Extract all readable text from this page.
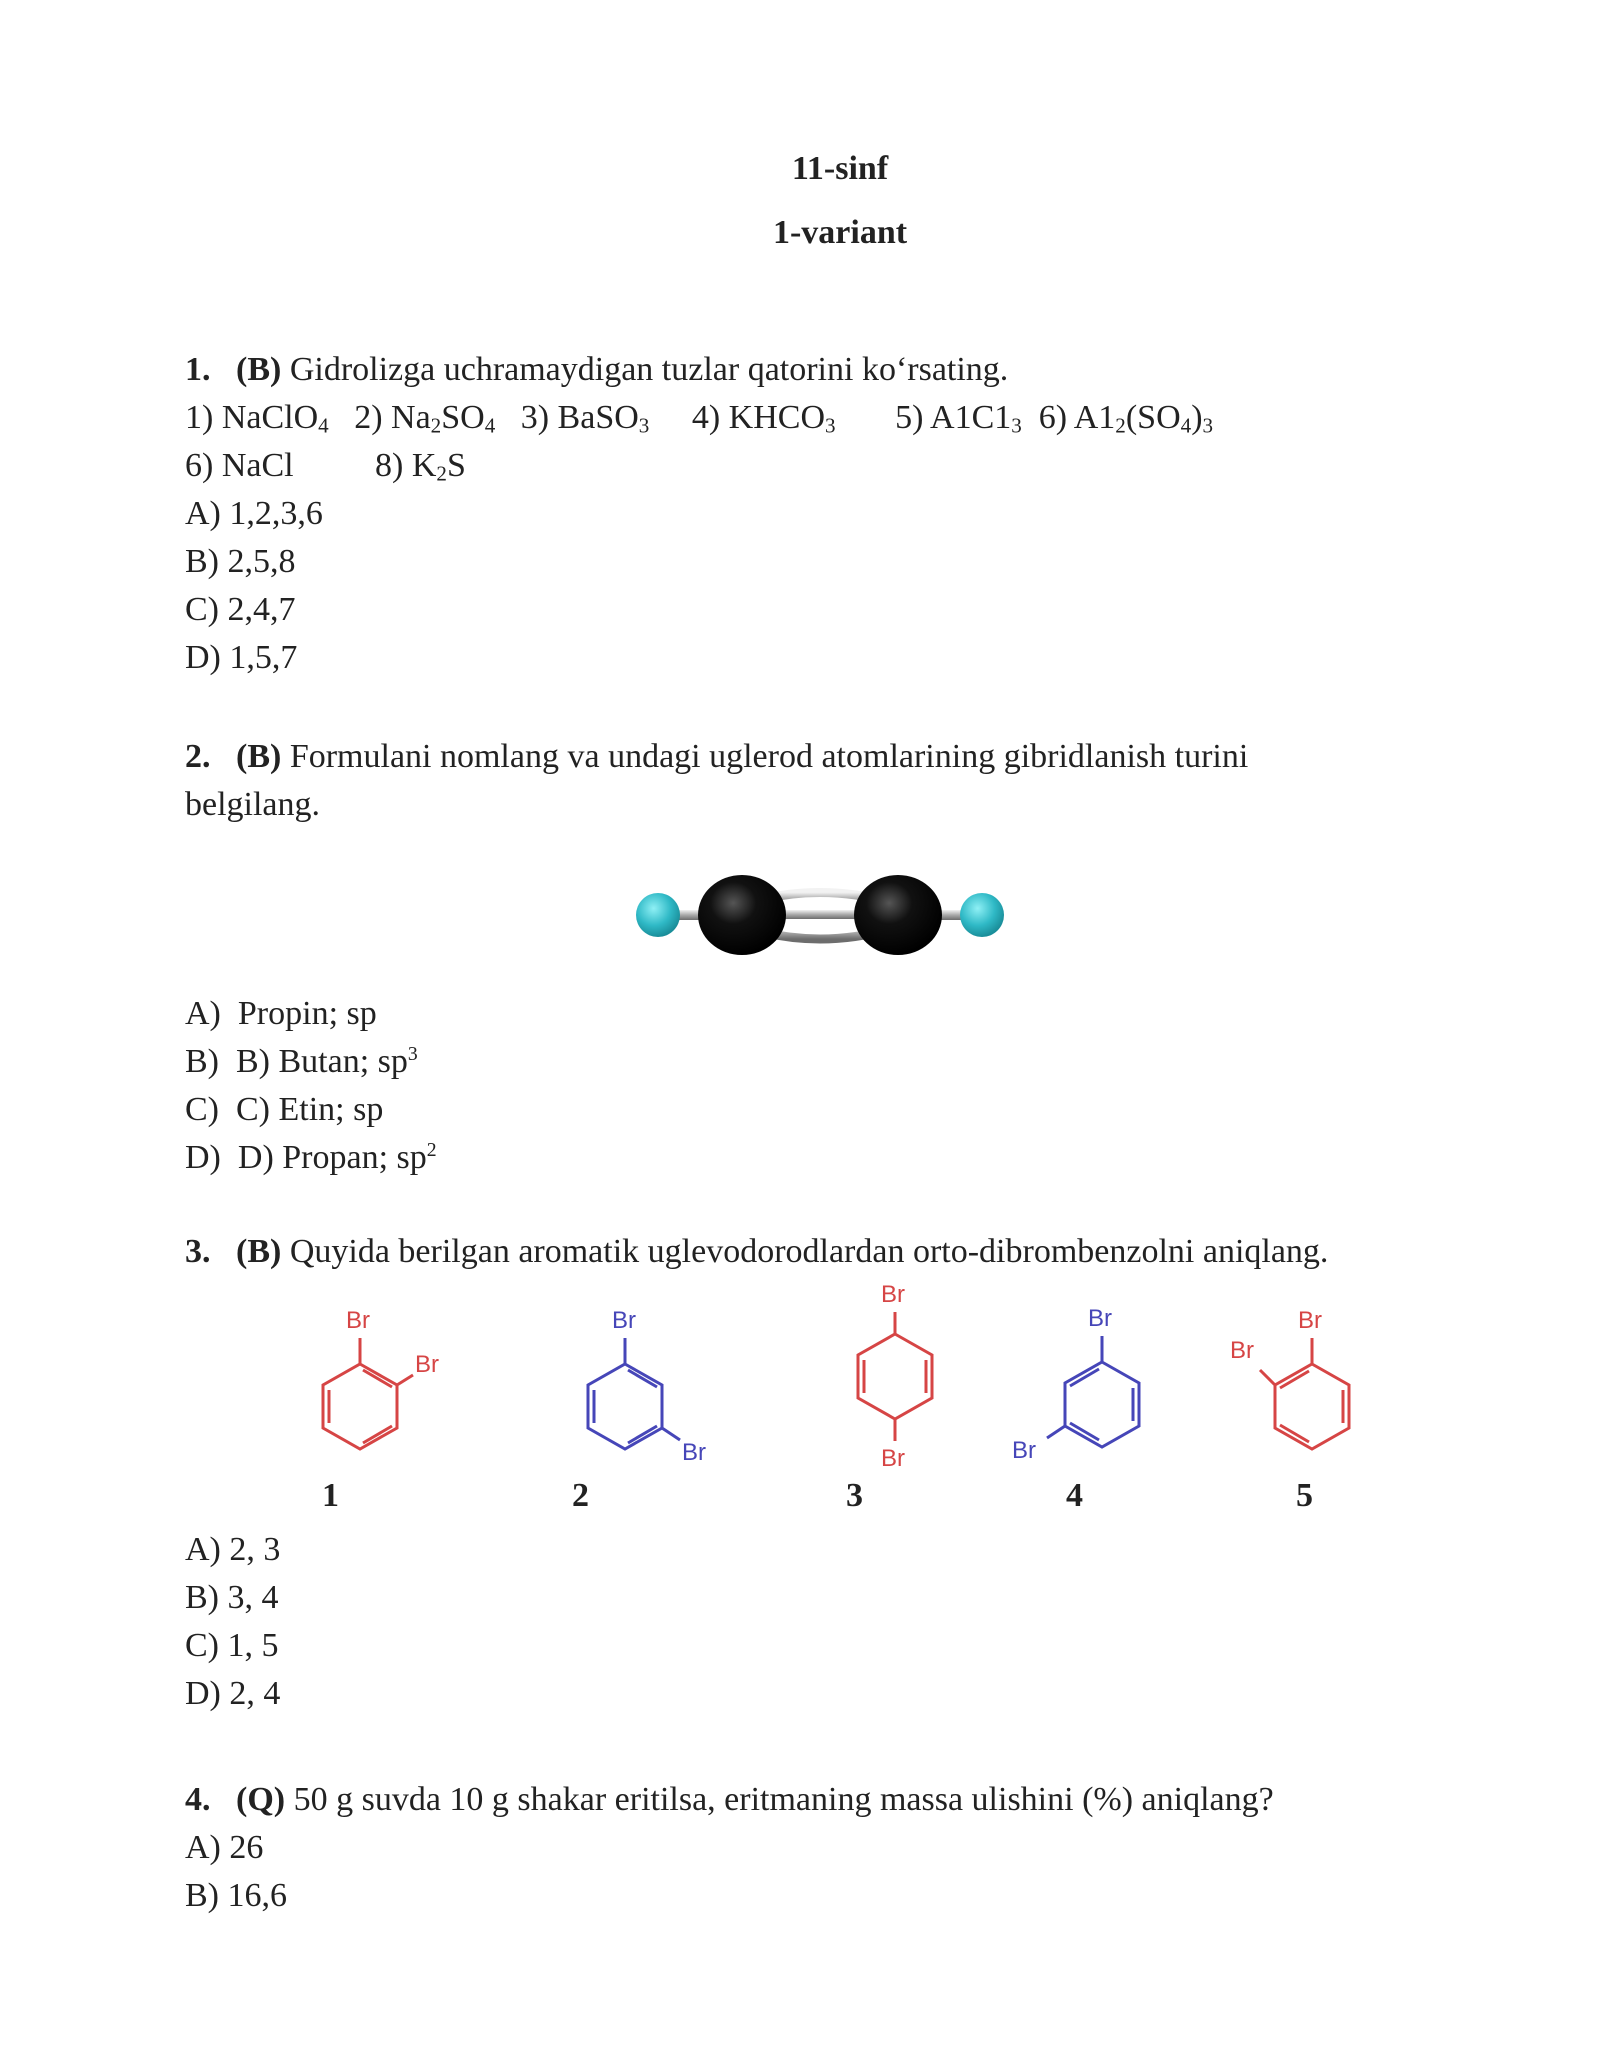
11-sinf
1-variant
1. (B) Gidrolizga uchramaydigan tuzlar qatorini ko‘rsating.
1) NaClO$_4$ 2) $Na_2SO_4$ 3) BaSO$_3$ 4) $KHCO_3$ 5) $A1C1_3$ 6) $A1_2(SO_4)_3$
6) NaCl 8) $K_2S$
A) 1,2,3,6
B) 2,5,8
C) 2,4,7
D) 1,5,7
2. (B) Formulani nomlang va undagi uglerod atomlarining gibridlanish turini
belgilang.
A) Propin; sp
B) B) Butan; $sp^3$
C) C) Etin; sp
D) D) Propan; $sp^2$
3. (B) Quyida berilgan aromatik uglevodorodlardan orto-dibrombenzolni aniqlang.
Br
Br
1
Br
Br
2
Br
Br
3
Br
Br
4
Br
Br
5
A) 2, 3
B) 3, 4
C) 1, 5
D) 2, 4
4. (Q) 50 g suvda 10 g shakar eritilsa, eritmaning massa ulishini (%) aniqlang?
A) 26
B) 16,6
